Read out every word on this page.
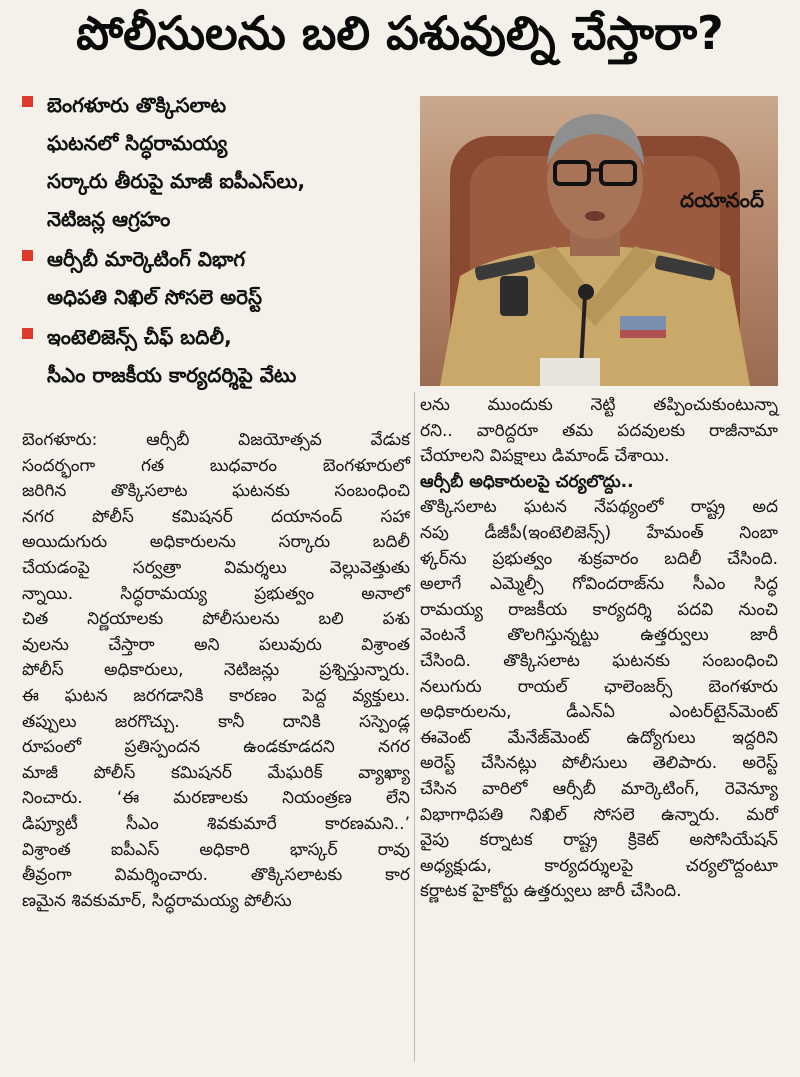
పోలీసులను బలి పశువుల్ని చేస్తారా?
బెంగళూరు తొక్కిసలాట
ఘటనలో సిద్ధరామయ్య
సర్కారు తీరుపై మాజీ ఐపీఎస్‌లు,
నెటిజన్ల ఆగ్రహం
ఆర్సీబీ మార్కెటింగ్ విభాగ
అధిపతి నిఖిల్ సోసలె అరెస్ట్
ఇంటెలిజెన్స్ చీఫ్ బదిలీ,
సీఎం రాజకీయ కార్యదర్శిపై వేటు
దయానంద్
బెంగళూరు: ఆర్సీబీ విజయోత్సవ వేడుక
సందర్భంగా గత బుధవారం బెంగళూరులో
జరిగిన తొక్కిసలాట ఘటనకు సంబంధించి
నగర పోలీస్ కమిషనర్ దయానంద్ సహా
అయిదుగురు అధికారులను సర్కారు బదిలీ
చేయడంపై సర్వత్రా విమర్శలు వెల్లువెత్తుతు
న్నాయి. సిద్ధరామయ్య ప్రభుత్వం అనాలో
చిత నిర్ణయాలకు పోలీసులను బలి పశు
వులను చేస్తారా అని పలువురు విశ్రాంత
పోలీస్ అధికారులు, నెటిజన్లు ప్రశ్నిస్తున్నారు.
ఈ ఘటన జరగడానికి కారణం పెద్ద వ్యక్తులు.
తప్పులు జరగొచ్చు. కానీ దానికి సస్పెండ్ల
రూపంలో ప్రతిస్పందన ఉండకూడదని నగర
మాజీ పోలీస్ కమిషనర్ మేఘరిక్ వ్యాఖ్యా
నించారు. ‘ఈ మరణాలకు నియంత్రణ లేని
డిప్యూటీ సీఎం శివకుమారే కారణమని..’
విశ్రాంత ఐపీఎస్ అధికారి భాస్కర్ రావు
తీవ్రంగా విమర్శించారు. తొక్కిసలాటకు కార
ణమైన శివకుమార్, సిద్ధరామయ్య పోలీసు
లను ముందుకు నెట్టి తప్పించుకుంటున్నా
రని.. వారిద్దరూ తమ పదవులకు రాజీనామా
చేయాలని విపక్షాలు డిమాండ్ చేశాయి.
ఆర్సీబీ అధికారులపై చర్యలొద్దు..
తొక్కిసలాట ఘటన నేపథ్యంలో రాష్ట్ర అద
నపు డీజీపీ(ఇంటెలిజెన్స్) హేమంత్ నింబా
ళ్కర్‌ను ప్రభుత్వం శుక్రవారం బదిలీ చేసింది.
అలాగే ఎమ్మెల్సీ గోవిందరాజ్‌ను సీఎం సిద్ధ
రామయ్య రాజకీయ కార్యదర్శి పదవి నుంచి
వెంటనే తొలగిస్తున్నట్టు ఉత్తర్వులు జారీ
చేసింది. తొక్కిసలాట ఘటనకు సంబంధించి
నలుగురు రాయల్ ఛాలెంజర్స్ బెంగళూరు
అధికారులను, డీఎన్ఏ ఎంటర్‌టైన్‌మెంట్
ఈవెంట్ మేనేజ్‌మెంట్ ఉద్యోగులు ఇద్దరిని
అరెస్ట్ చేసినట్లు పోలీసులు తెలిపారు. అరెస్ట్
చేసిన వారిలో ఆర్సీబీ మార్కెటింగ్, రెవెన్యూ
విభాగాధిపతి నిఖిల్ సోసలె ఉన్నారు. మరో
వైపు కర్నాటక రాష్ట్ర క్రికెట్ అసోసియేషన్
అధ్యక్షుడు, కార్యదర్శులపై చర్యలొద్దంటూ
కర్ణాటక హైకోర్టు ఉత్తర్వులు జారీ చేసింది.
